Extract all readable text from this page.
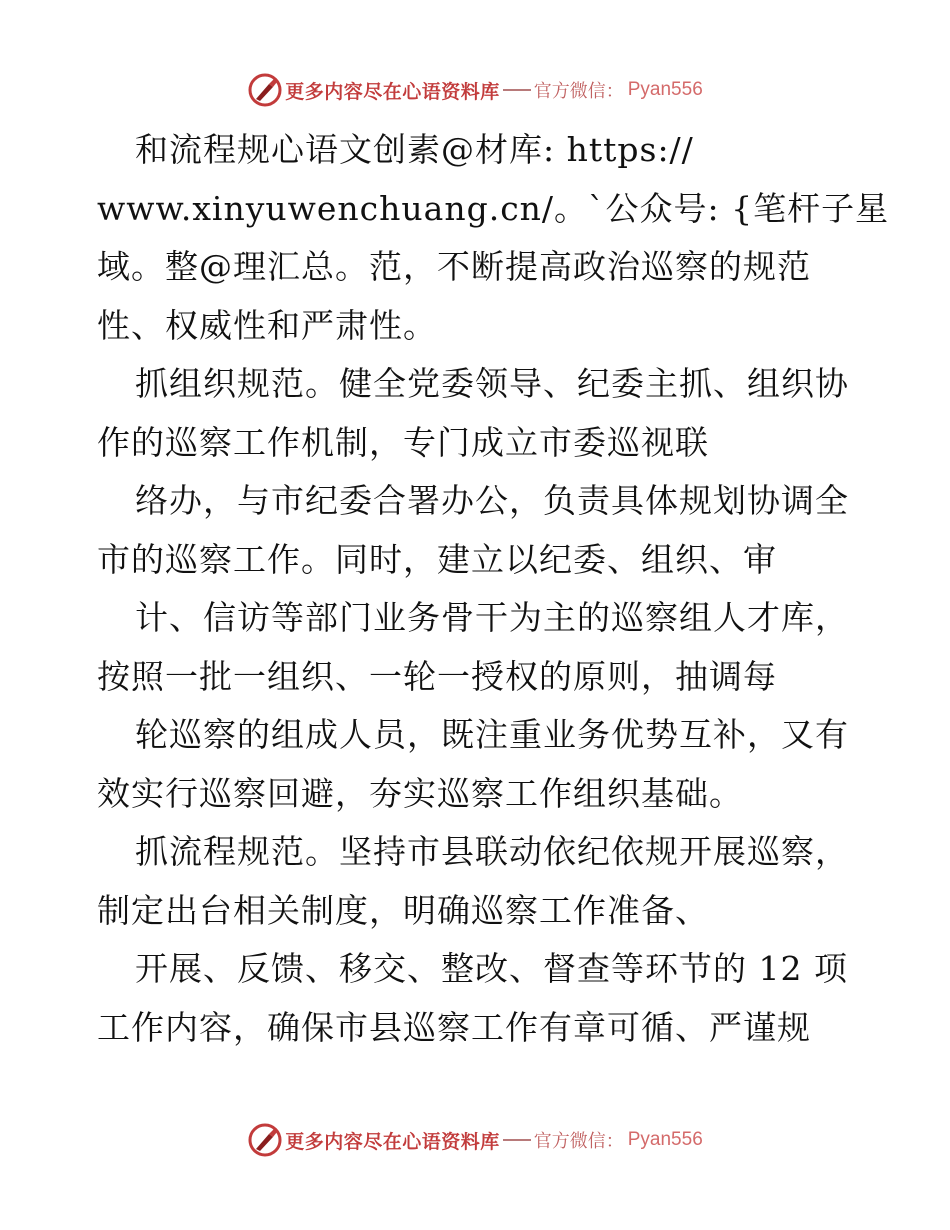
更多内容尽在心语资料库 官方微信： Pyan556
和流程规心语文创素@材库: https://
www.xinyuwenchuang.cn/。`公众号: {笔杆子星
域。整@理汇总。范，不断提高政治巡察的规范
性、权威性和严肃性。
抓组织规范。健全党委领导、纪委主抓、组织协
作的巡察工作机制，专门成立市委巡视联
络办，与市纪委合署办公，负责具体规划协调全
市的巡察工作。同时，建立以纪委、组织、审
计、信访等部门业务骨干为主的巡察组人才库，
按照一批一组织、一轮一授权的原则，抽调每
轮巡察的组成人员，既注重业务优势互补，又有
效实行巡察回避，夯实巡察工作组织基础。
抓流程规范。坚持市县联动依纪依规开展巡察，
制定出台相关制度，明确巡察工作准备、
开展、反馈、移交、整改、督查等环节的 12 项
工作内容，确保市县巡察工作有章可循、严谨规
更多内容尽在心语资料库 官方微信： Pyan556
